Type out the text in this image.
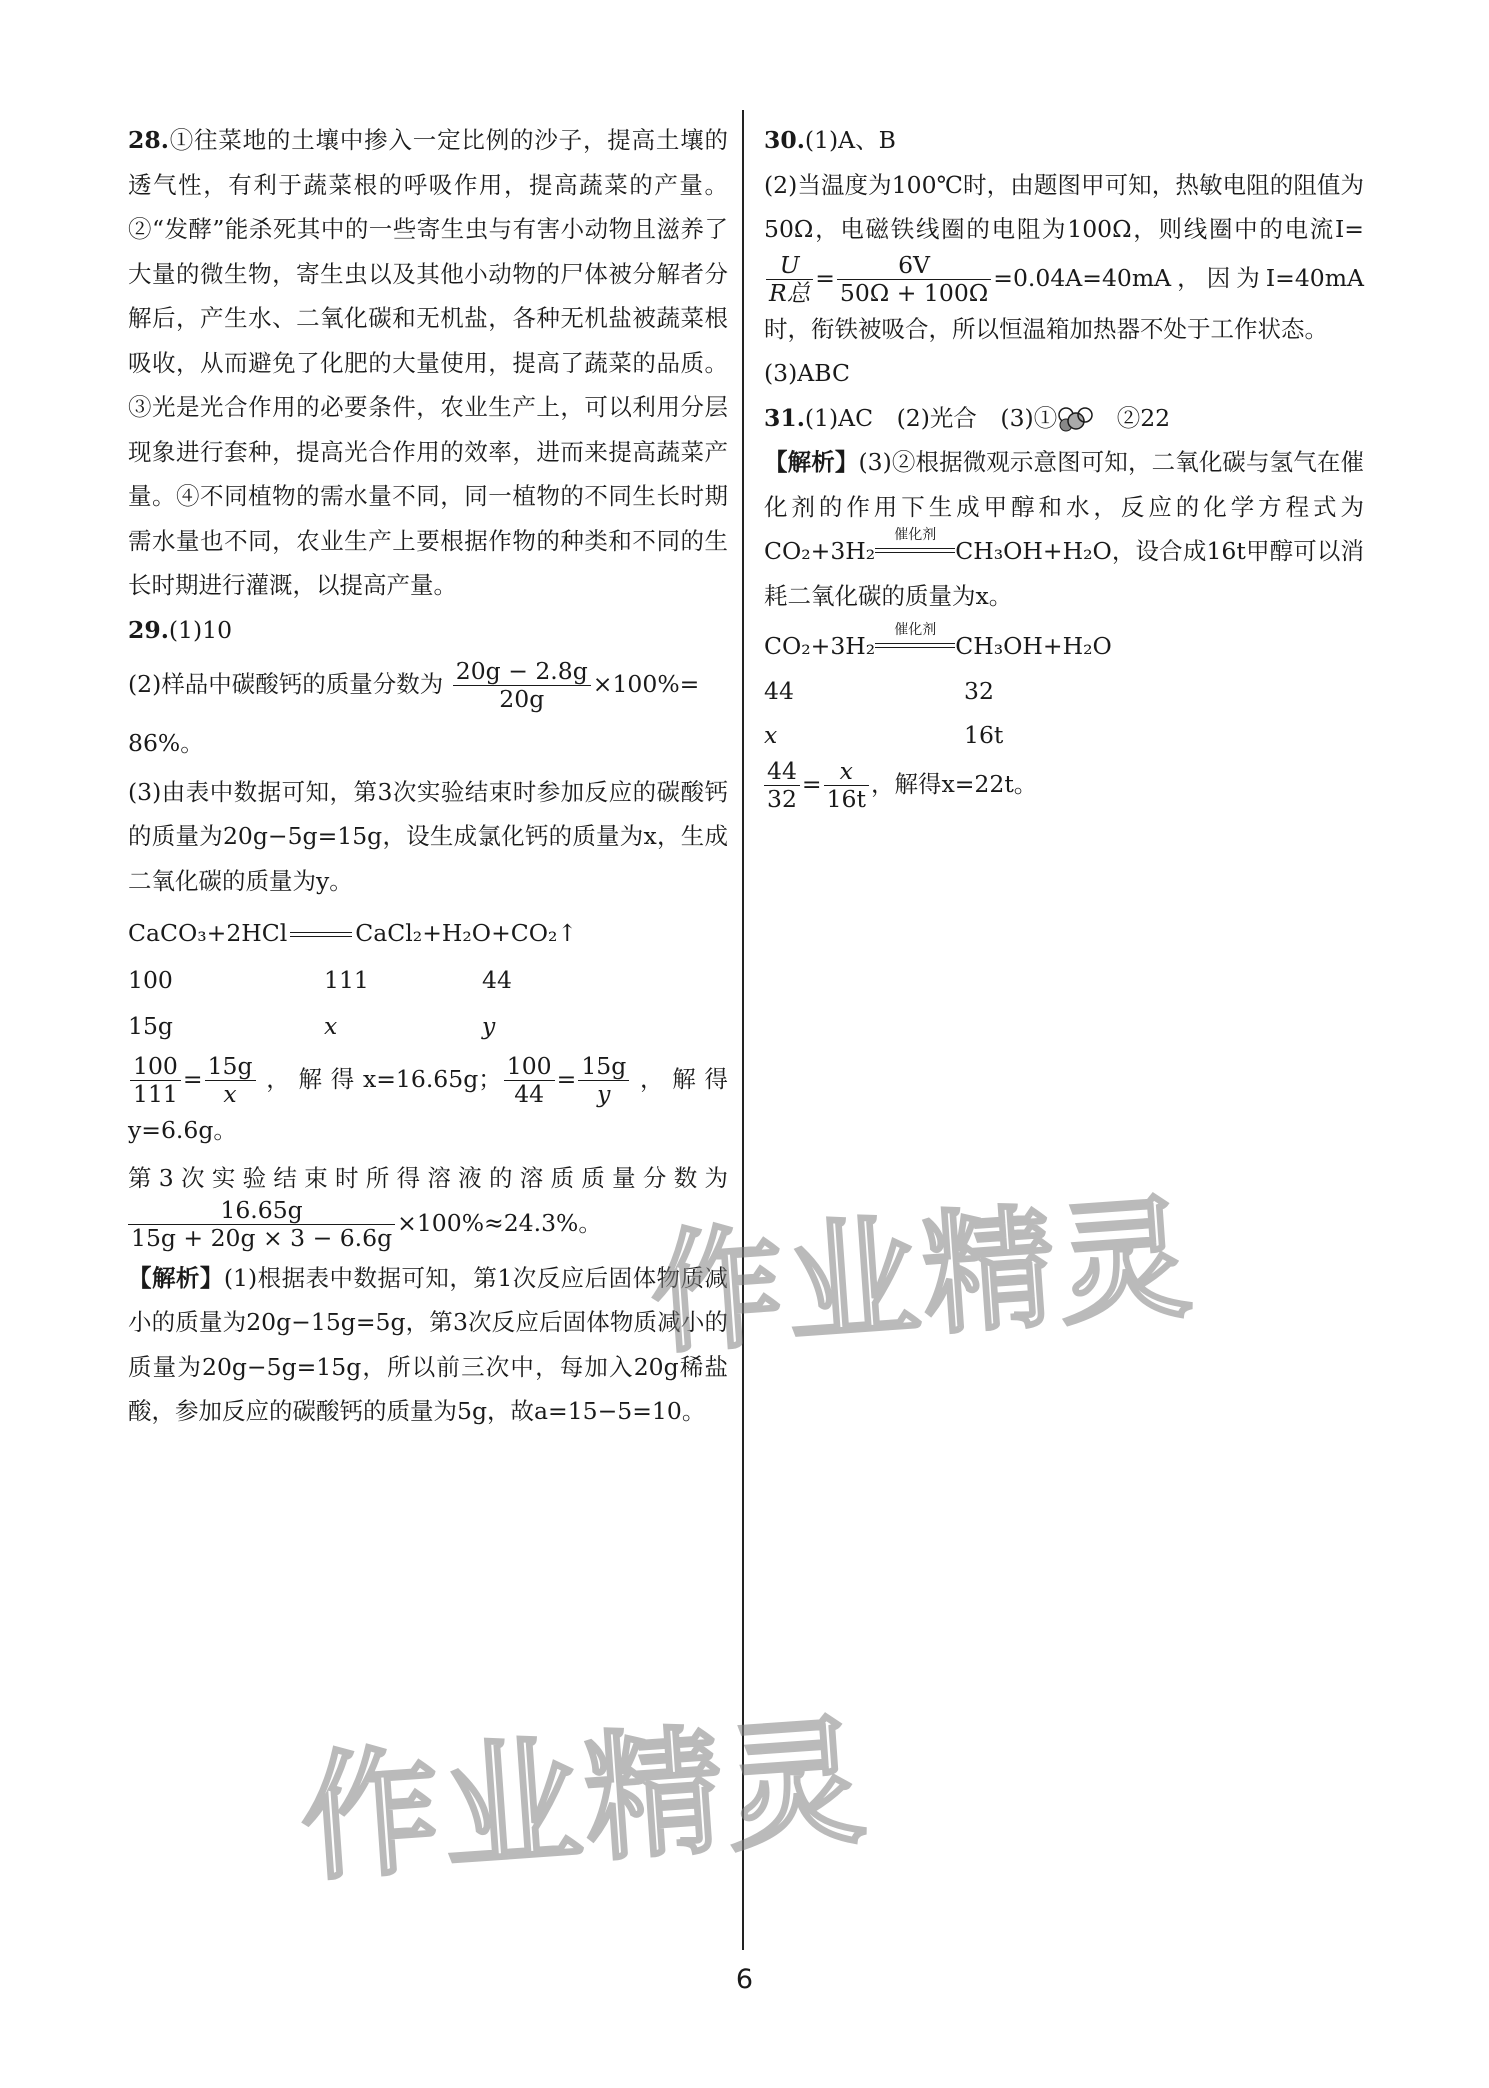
28.①往菜地的土壤中掺入一定比例的沙子，提高土壤的透气性，有利于蔬菜根的呼吸作用，提高蔬菜的产量。②“发酵”能杀死其中的一些寄生虫与有害小动物且滋养了大量的微生物，寄生虫以及其他小动物的尸体被分解者分解后，产生水、二氧化碳和无机盐，各种无机盐被蔬菜根吸收，从而避免了化肥的大量使用，提高了蔬菜的品质。③光是光合作用的必要条件，农业生产上，可以利用分层现象进行套种，提高光合作用的效率，进而来提高蔬菜产量。④不同植物的需水量不同，同一植物的不同生长时期需水量也不同，农业生产上要根据作物的种类和不同的生长时期进行灌溉，以提高产量。

29.(1)10

(2)样品中碳酸钙的质量分数为 $\frac{20g - 2.8g}{20g} \times 100\%=$

86%。

(3)由表中数据可知，第3次实验结束时参加反应的碳酸钙的质量为20g−5g=15g，设生成氯化钙的质量为x，生成二氧化碳的质量为y。

CaCO₃+2HCl	CaCl₂+H₂O+CO₂↑

100	111	44
15g	x	y

$\frac{100}{111} = \frac{15g}{x}$ ，解得x=16.65g； $\frac{100}{44} = \frac{15g}{y}$ ，解得y=6.6g。

第3次实验结束时所得溶液的溶质质量分数为

$\frac{16.65g}{15g + 20g \times 3 - 6.6g} \times 100\%\approx 24.3\%$。

【解析】(1)根据表中数据可知，第1次反应后固体物质减小的质量为20g−15g=5g，第3次反应后固体物质减小的质量为20g−5g=15g，所以前三次中，每加入20g稀盐酸，参加反应的碳酸钙的质量为5g，故a=15−5=10。

30.(1)A、B

(2)当温度为100℃时，由题图甲可知，热敏电阻的阻值为50Ω，电磁铁线圈的电阻为100Ω，则线圈中的电流I=
$\frac{U}{\text{R总}} = \frac{6V}{50\Omega + 100\Omega} =0.04A=40mA$，因为I=40mA时，衔铁被吸合，所以恒温箱加热器不处于工作状态。

(3)ABC

31.(1)AC　(2)光合　(3)①　②22

【解析】(3)②根据微观示意图可知，二氧化碳与氢气在催化剂的作用下生成甲醇和水，反应的化学方程式为CO₂+3H₂
催化剂
CH₃OH+H₂O，设合成16t甲醇可以消耗二氧化碳的质量为x。

CO₂+3H₂
催化剂
CH₃OH+H₂O

44	32
x	16t

$\frac{44}{32} = \frac{x}{16t}$ ，解得x=22t。

作业精灵
作业精灵
6
